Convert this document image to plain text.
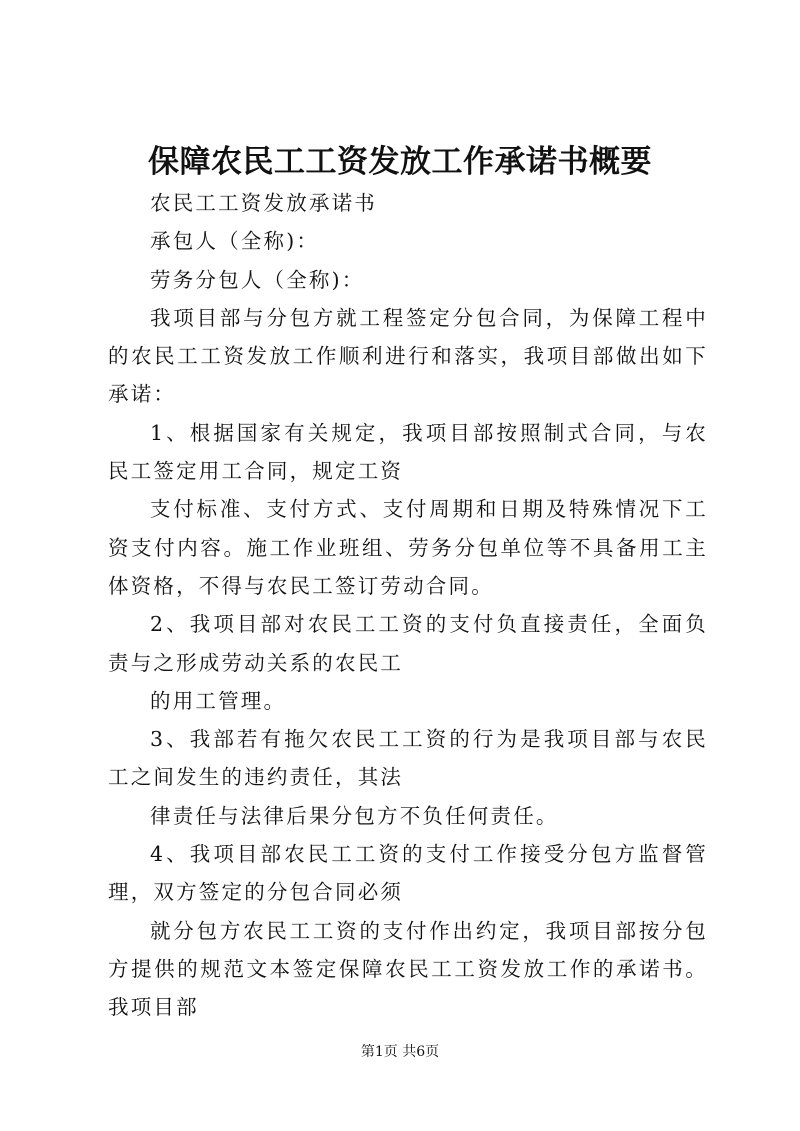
保障农民工工资发放工作承诺书概要

农民工工资发放承诺书

承包人（全称)：

劳务分包人（全称)：

我项目部与分包方就工程签定分包合同，为保障工程中的农民工工资发放工作顺利进行和落实，我项目部做出如下承诺：

1、根据国家有关规定，我项目部按照制式合同，与农民工签定用工合同，规定工资

支付标准、支付方式、支付周期和日期及特殊情况下工资支付内容。施工作业班组、劳务分包单位等不具备用工主体资格，不得与农民工签订劳动合同。

2、我项目部对农民工工资的支付负直接责任，全面负责与之形成劳动关系的农民工

的用工管理。

3、我部若有拖欠农民工工资的行为是我项目部与农民工之间发生的违约责任，其法

律责任与法律后果分包方不负任何责任。

4、我项目部农民工工资的支付工作接受分包方监督管理，双方签定的分包合同必须

就分包方农民工工资的支付作出约定，我项目部按分包方提供的规范文本签定保障农民工工资发放工作的承诺书。我项目部

第1页 共6页
